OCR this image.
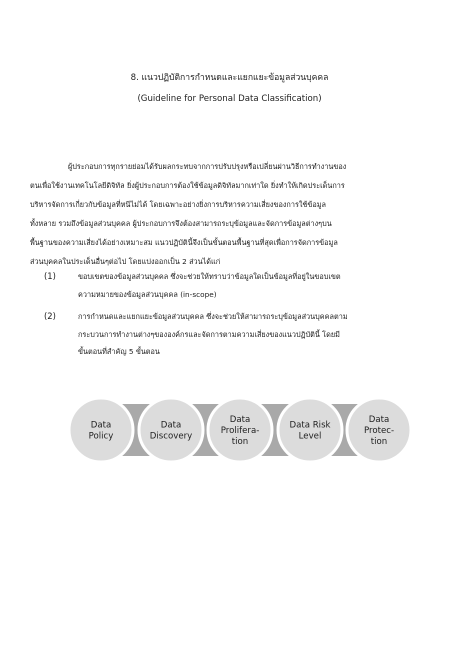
8. แนวปฏิบัติการกำหนดและแยกแยะข้อมูลส่วนบุคคล
(Guideline for Personal Data Classification)
ผู้ประกอบการทุกรายย่อมได้รับผลกระทบจากการปรับปรุงหรือเปลี่ยนผ่านวิธีการทำงานของ
ตนเพื่อใช้งานเทคโนโลยีดิจิทัล ยิ่งผู้ประกอบการต้องใช้ข้อมูลดิจิทัลมากเท่าใด ยิ่งทำให้เกิดประเด็นการ
บริหารจัดการเกี่ยวกับข้อมูลที่หนีไม่ได้ โดยเฉพาะอย่างยิ่งการบริหารความเสี่ยงของการใช้ข้อมูล
ทั้งหลาย รวมถึงข้อมูลส่วนบุคคล ผู้ประกอบการจึงต้องสามารถระบุข้อมูลและจัดการข้อมูลต่างๆบน
พื้นฐานของความเสี่ยงได้อย่างเหมาะสม แนวปฏิบัตินี้จึงเป็นขั้นตอนพื้นฐานที่สุดเพื่อการจัดการข้อมูล
ส่วนบุคคลในประเด็นอื่นๆต่อไป โดยแบ่งออกเป็น 2 ส่วนได้แก่
(1)	ขอบเขตของข้อมูลส่วนบุคคล ซึ่งจะช่วยให้ทราบว่าข้อมูลใดเป็นข้อมูลที่อยู่ในขอบเขต
ความหมายของข้อมูลส่วนบุคคล (in-scope)
(2)	การกำหนดและแยกแยะข้อมูลส่วนบุคคล ซึ่งจะช่วยให้สามารถระบุข้อมูลส่วนบุคคลตาม
กระบวนการทำงานต่างๆขององค์กรและจัดการตามความเสี่ยงของแนวปฏิบัตินี้ โดยมี
ขั้นตอนที่สำคัญ 5 ขั้นตอน
Data
Policy
Data
Discovery
Data
Prolifera-
tion
Data Risk
Level
Data
Protec-
tion
